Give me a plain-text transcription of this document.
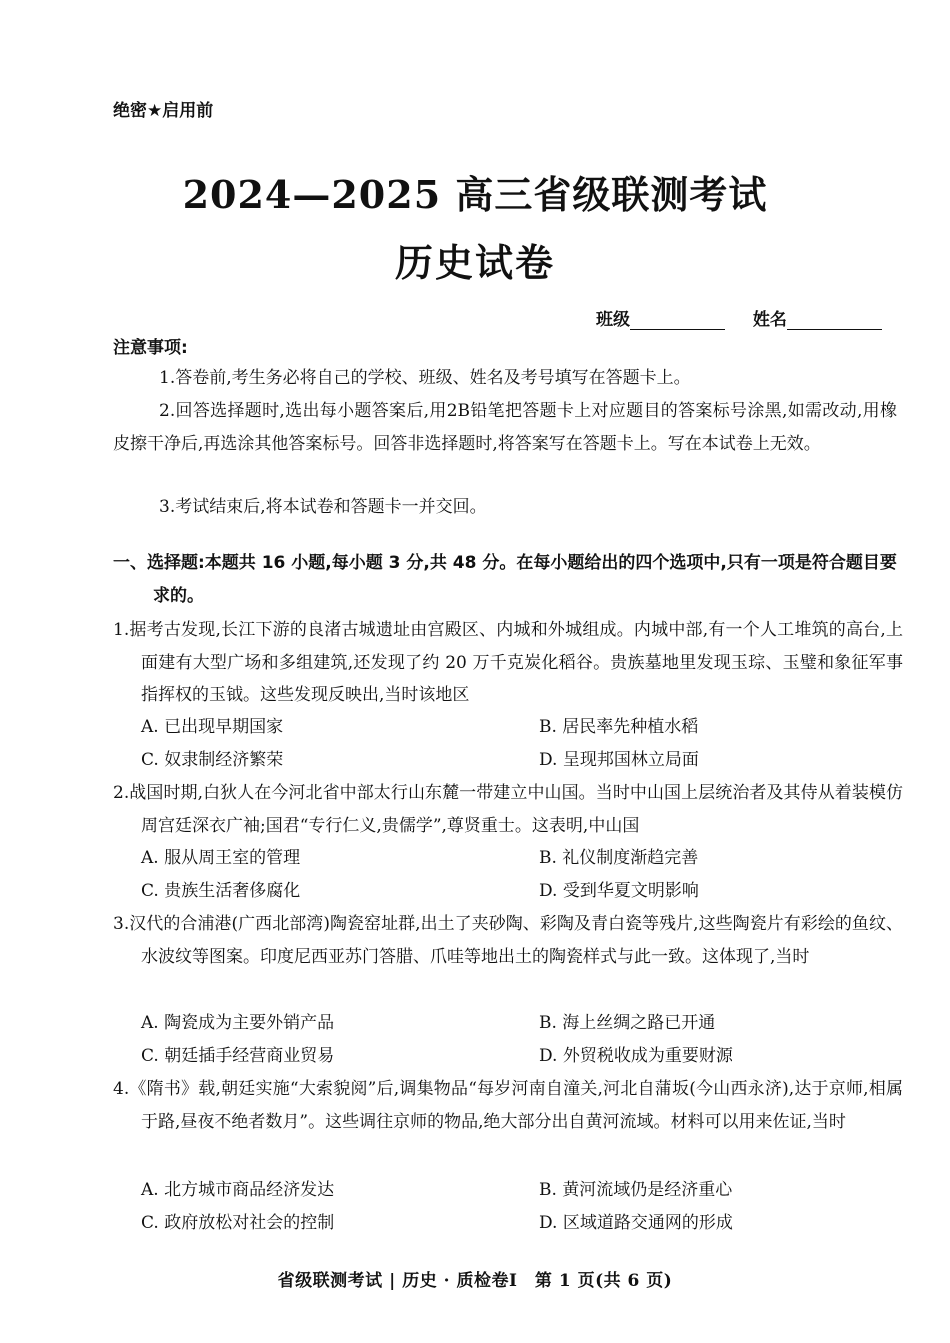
绝密★启用前
2024—2025 高三省级联测考试
历史试卷
班级	姓名
注意事项:
1.答卷前,考生务必将自己的学校、班级、姓名及考号填写在答题卡上。
2.回答选择题时,选出每小题答案后,用2B铅笔把答题卡上对应题目的答案标号涂黑,如需改动,用橡皮擦干净后,再选涂其他答案标号。回答非选择题时,将答案写在答题卡上。写在本试卷上无效。
3.考试结束后,将本试卷和答题卡一并交回。
一、选择题:本题共 16 小题,每小题 3 分,共 48 分。在每小题给出的四个选项中,只有一项是符合题目要求的。
1.据考古发现,长江下游的良渚古城遗址由宫殿区、内城和外城组成。内城中部,有一个人工堆筑的高台,上面建有大型广场和多组建筑,还发现了约 20 万千克炭化稻谷。贵族墓地里发现玉琮、玉璧和象征军事指挥权的玉钺。这些发现反映出,当时该地区
A. 已出现早期国家	B. 居民率先种植水稻
C. 奴隶制经济繁荣	D. 呈现邦国林立局面
2.战国时期,白狄人在今河北省中部太行山东麓一带建立中山国。当时中山国上层统治者及其侍从着装模仿周宫廷深衣广袖;国君“专行仁义,贵儒学”,尊贤重士。这表明,中山国
A. 服从周王室的管理	B. 礼仪制度渐趋完善
C. 贵族生活奢侈腐化	D. 受到华夏文明影响
3.汉代的合浦港(广西北部湾)陶瓷窑址群,出土了夹砂陶、彩陶及青白瓷等残片,这些陶瓷片有彩绘的鱼纹、水波纹等图案。印度尼西亚苏门答腊、爪哇等地出土的陶瓷样式与此一致。这体现了,当时
A. 陶瓷成为主要外销产品	B. 海上丝绸之路已开通
C. 朝廷插手经营商业贸易	D. 外贸税收成为重要财源
4.《隋书》载,朝廷实施“大索貌阅”后,调集物品“每岁河南自潼关,河北自蒲坂(今山西永济),达于京师,相属于路,昼夜不绝者数月”。这些调往京师的物品,绝大部分出自黄河流域。材料可以用来佐证,当时
A. 北方城市商品经济发达	B. 黄河流域仍是经济重心
C. 政府放松对社会的控制	D. 区域道路交通网的形成
省级联测考试 | 历史 · 质检卷Ⅰ　第 1 页(共 6 页)
